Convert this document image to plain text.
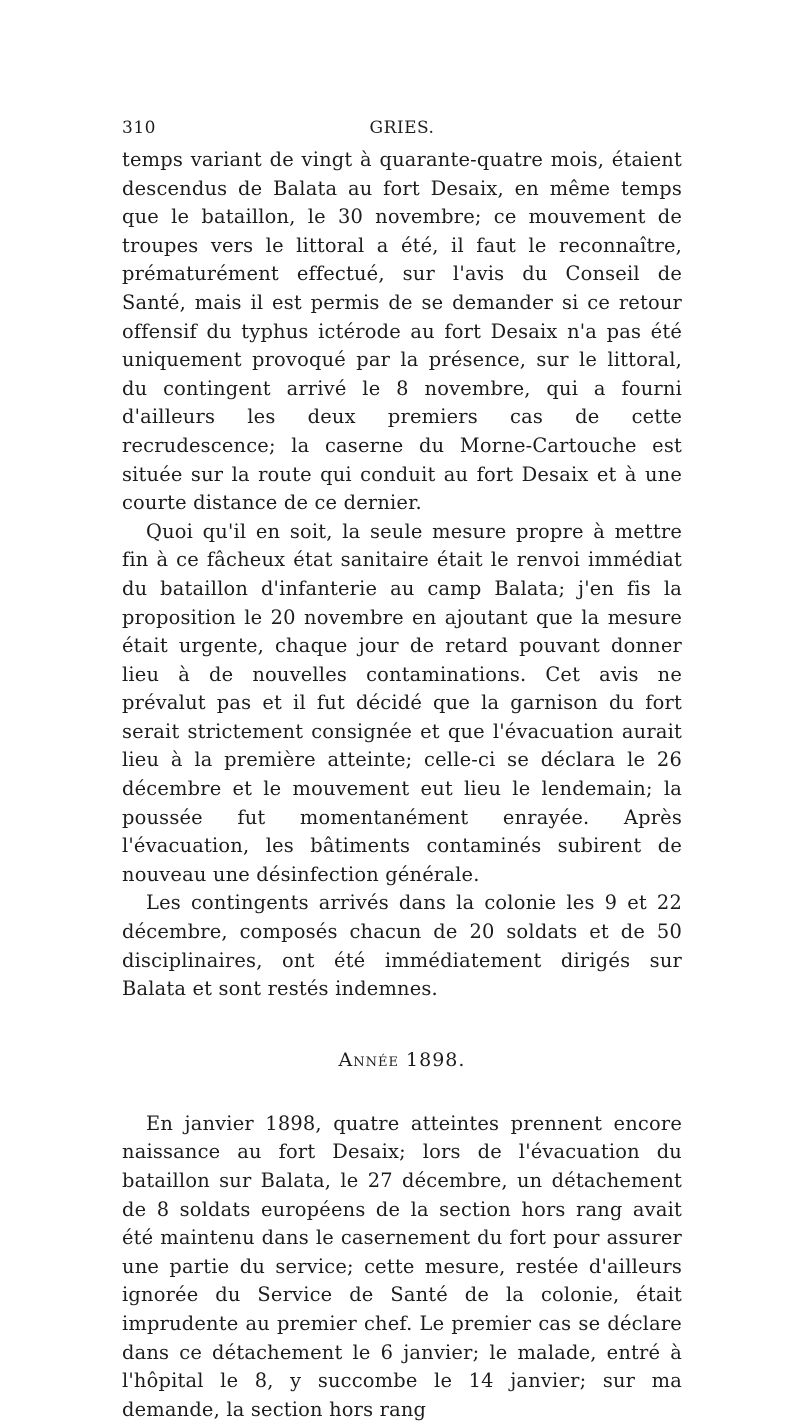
310	GRIES.

temps variant de vingt à quarante-quatre mois, étaient descendus de Balata au fort Desaix, en même temps que le bataillon, le 30 novembre; ce mouvement de troupes vers le littoral a été, il faut le reconnaître, prématurément effectué, sur l'avis du Conseil de Santé, mais il est permis de se demander si ce retour offensif du typhus ictérode au fort Desaix n'a pas été uniquement provoqué par la présence, sur le littoral, du contingent arrivé le 8 novembre, qui a fourni d'ailleurs les deux premiers cas de cette recrudescence; la caserne du Morne-Cartouche est située sur la route qui conduit au fort Desaix et à une courte distance de ce dernier.

Quoi qu'il en soit, la seule mesure propre à mettre fin à ce fâcheux état sanitaire était le renvoi immédiat du bataillon d'infanterie au camp Balata; j'en fis la proposition le 20 novembre en ajoutant que la mesure était urgente, chaque jour de retard pouvant donner lieu à de nouvelles contaminations. Cet avis ne prévalut pas et il fut décidé que la garnison du fort serait strictement consignée et que l'évacuation aurait lieu à la première atteinte; celle-ci se déclara le 26 décembre et le mouvement eut lieu le lendemain; la poussée fut momentanément enrayée. Après l'évacuation, les bâtiments contaminés subirent de nouveau une désinfection générale.

Les contingents arrivés dans la colonie les 9 et 22 décembre, composés chacun de 20 soldats et de 50 disciplinaires, ont été immédiatement dirigés sur Balata et sont restés indemnes.

Année 1898.

En janvier 1898, quatre atteintes prennent encore naissance au fort Desaix; lors de l'évacuation du bataillon sur Balata, le 27 décembre, un détachement de 8 soldats européens de la section hors rang avait été maintenu dans le casernement du fort pour assurer une partie du service; cette mesure, restée d'ailleurs ignorée du Service de Santé de la colonie, était imprudente au premier chef. Le premier cas se déclare dans ce détachement le 6 janvier; le malade, entré à l'hôpital le 8, y succombe le 14 janvier; sur ma demande, la section hors rang
